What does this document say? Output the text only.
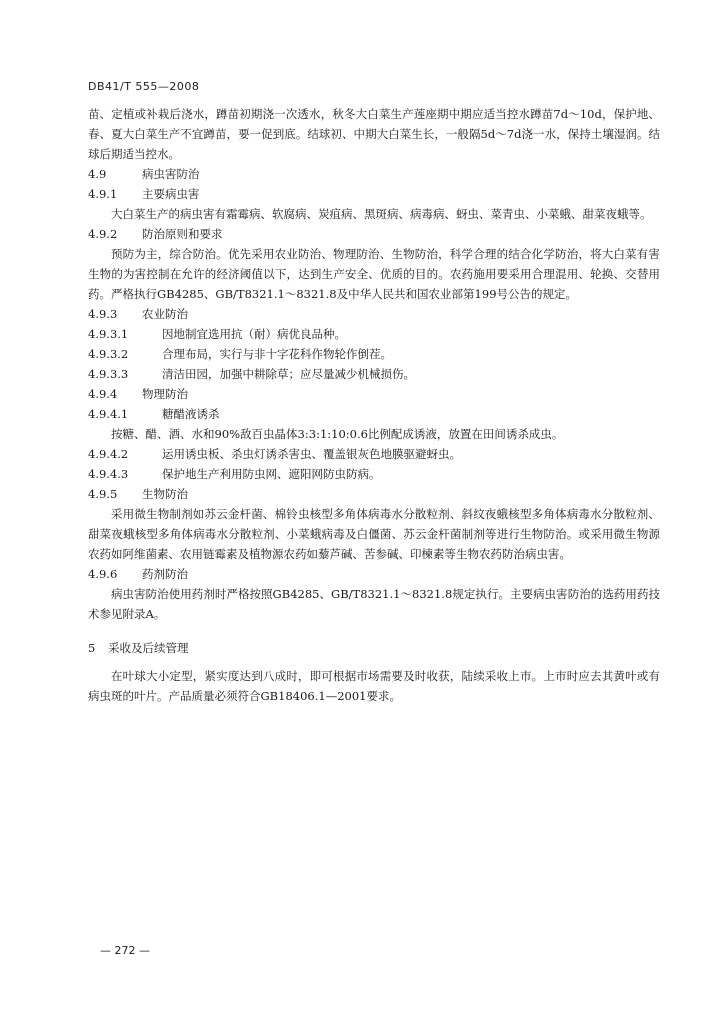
DB41/T 555—2008
苗、定植或补栽后浇水，蹲苗初期浇一次透水，秋冬大白菜生产莲座期中期应适当控水蹲苗7d～10d，保护地、春、夏大白菜生产不宜蹲苗，要一促到底。结球初、中期大白菜生长，一般隔5d～7d浇一水，保持土壤湿润。结球后期适当控水。
4.9	病虫害防治
4.9.1 主要病虫害
大白菜生产的病虫害有霜霉病、软腐病、炭疽病、黑斑病、病毒病、蚜虫、菜青虫、小菜蛾、甜菜夜蛾等。
4.9.2 防治原则和要求
预防为主，综合防治。优先采用农业防治、物理防治、生物防治，科学合理的结合化学防治，将大白菜有害生物的为害控制在允许的经济阈值以下，达到生产安全、优质的目的。农药施用要采用合理混用、轮换、交替用药。严格执行GB4285、GB/T8321.1～8321.8及中华人民共和国农业部第199号公告的规定。
4.9.3 农业防治
4.9.3.1	因地制宜选用抗（耐）病优良品种。
4.9.3.2	合理布局，实行与非十字花科作物轮作倒茬。
4.9.3.3	清洁田园，加强中耕除草；应尽量减少机械损伤。
4.9.4 物理防治
4.9.4.1	糖醋液诱杀
按糖、醋、酒、水和90%敌百虫晶体3:3:1:10:0.6比例配成诱液，放置在田间诱杀成虫。
4.9.4.2	运用诱虫板、杀虫灯诱杀害虫、覆盖银灰色地膜驱避蚜虫。
4.9.4.3	保护地生产利用防虫网、遮阳网防虫防病。
4.9.5 生物防治
采用微生物制剂如苏云金杆菌、棉铃虫核型多角体病毒水分散粒剂、斜纹夜蛾核型多角体病毒水分散粒剂、甜菜夜蛾核型多角体病毒水分散粒剂、小菜蛾病毒及白僵菌、苏云金杆菌制剂等进行生物防治。或采用微生物源农药如阿维菌素、农用链霉素及植物源农药如藜芦碱、苦参碱、印楝素等生物农药防治病虫害。
4.9.6 药剂防治
病虫害防治使用药剂时严格按照GB4285、GB/T8321.1～8321.8规定执行。主要病虫害防治的选药用药技术参见附录A。
5 采收及后续管理
在叶球大小定型，紧实度达到八成时，即可根据市场需要及时收获，陆续采收上市。上市时应去其黄叶或有病虫斑的叶片。产品质量必须符合GB18406.1—2001要求。
— 272 —
